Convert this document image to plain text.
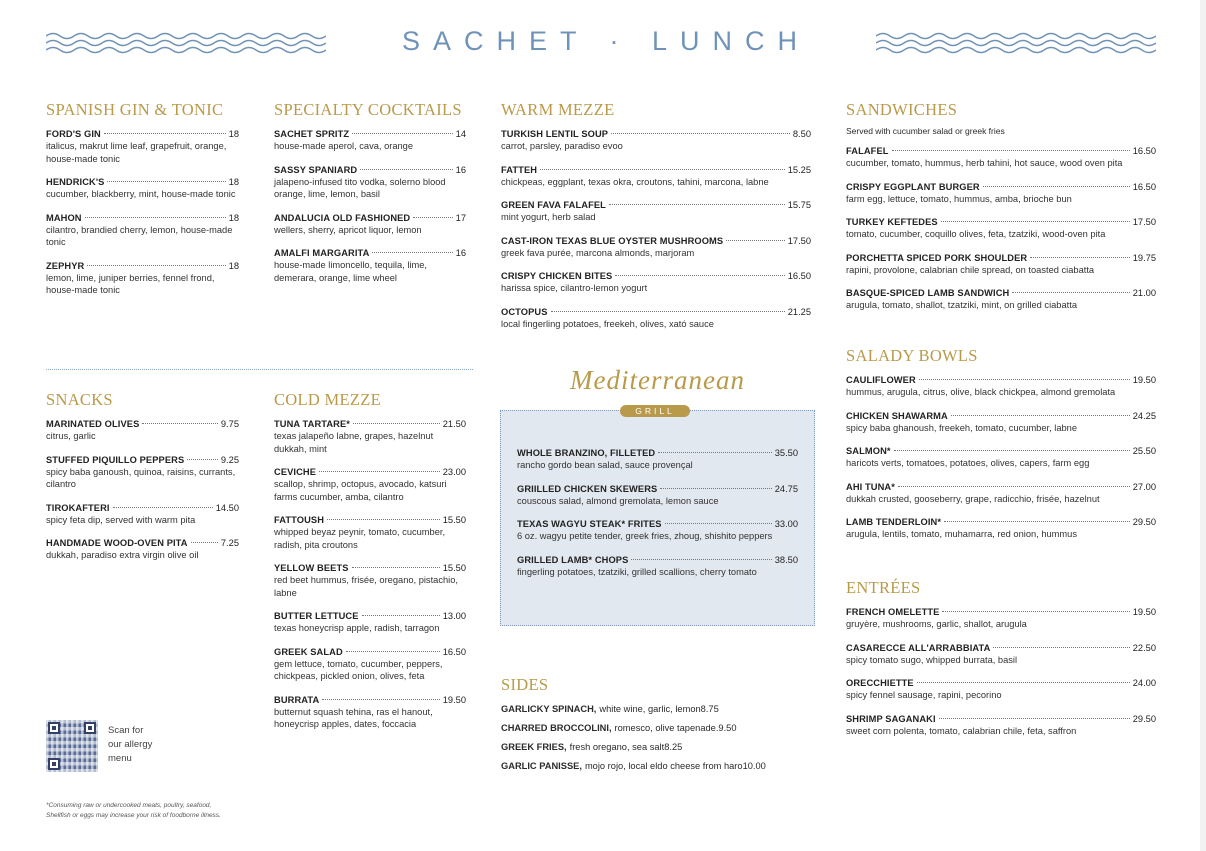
SACHET · LUNCH
SPANISH GIN & TONIC
FORD'S GIN	18
italicus, makrut lime leaf, grapefruit, orange, house-made tonic
HENDRICK'S	18
cucumber, blackberry, mint, house-made tonic
MAHON	18
cilantro, brandied cherry, lemon, house-made tonic
ZEPHYR	18
lemon, lime, juniper berries, fennel frond, house-made tonic
SNACKS
MARINATED OLIVES	9.75
citrus, garlic
STUFFED PIQUILLO PEPPERS	9.25
spicy baba ganoush, quinoa, raisins, currants, cilantro
TIROKAFTERI	14.50
spicy feta dip, served with warm pita
HANDMADE WOOD-OVEN PITA	7.25
dukkah, paradiso extra virgin olive oil
Scan for
our allergy
menu
*Consuming raw or undercooked meats, poultry, seafood, Shellfish or eggs may increase your risk of foodborne illness.
SPECIALTY COCKTAILS
SACHET SPRITZ	14
house-made aperol, cava, orange
SASSY SPANIARD	16
jalapeno-infused tito vodka, solerno blood orange, lime, lemon, basil
ANDALUCIA OLD FASHIONED	17
wellers, sherry, apricot liquor, lemon
AMALFI MARGARITA	16
house-made limoncello, tequila, lime, demerara, orange, lime wheel
COLD MEZZE
TUNA TARTARE*	21.50
texas jalapeño labne, grapes, hazelnut dukkah, mint
CEVICHE	23.00
scallop, shrimp, octopus, avocado, katsuri farms cucumber, amba, cilantro
FATTOUSH	15.50
whipped beyaz peynir, tomato, cucumber, radish, pita croutons
YELLOW BEETS	15.50
red beet hummus, frisée, oregano, pistachio, labne
BUTTER LETTUCE	13.00
texas honeycrisp apple, radish, tarragon
GREEK SALAD	16.50
gem lettuce, tomato, cucumber, peppers, chickpeas, pickled onion, olives, feta
BURRATA	19.50
butternut squash tehina, ras el hanout, honeycrisp apples, dates, foccacia
WARM MEZZE
TURKISH LENTIL SOUP	8.50
carrot, parsley, paradiso evoo
FATTEH	15.25
chickpeas, eggplant, texas okra, croutons, tahini, marcona, labne
GREEN FAVA FALAFEL	15.75
mint yogurt, herb salad
CAST-IRON TEXAS BLUE OYSTER MUSHROOMS	17.50
greek fava purée, marcona almonds, marjoram
CRISPY CHICKEN BITES	16.50
harissa spice, cilantro-lemon yogurt
OCTOPUS	21.25
local fingerling potatoes, freekeh, olives, xató sauce
Mediterranean
WHOLE BRANZINO, FILLETED	35.50
rancho gordo bean salad, sauce provençal
GRIILLED CHICKEN SKEWERS	24.75
couscous salad, almond gremolata, lemon sauce
TEXAS WAGYU STEAK* FRITES	33.00
6 oz. wagyu petite tender, greek fries, zhoug, shishito peppers
GRILLED LAMB* CHOPS	38.50
fingerling potatoes, tzatziki, grilled scallions, cherry tomato
GRILL
SIDES
GARLICKY SPINACH, white wine, garlic, lemon 8.75
CHARRED BROCCOLINI, romesco, olive tapenade. 9.50
GREEK FRIES, fresh oregano, sea salt 8.25
GARLIC PANISSE, mojo rojo, local eldo cheese from haro 10.00
SANDWICHES
Served with cucumber salad or greek fries
FALAFEL	16.50
cucumber, tomato, hummus, herb tahini, hot sauce, wood oven pita
CRISPY EGGPLANT BURGER	16.50
farm egg, lettuce, tomato, hummus, amba, brioche bun
TURKEY KEFTEDES	17.50
tomato, cucumber, coquillo olives, feta, tzatziki, wood-oven pita
PORCHETTA SPICED PORK SHOULDER	19.75
rapini, provolone, calabrian chile spread, on toasted ciabatta
BASQUE-SPICED LAMB SANDWICH	21.00
arugula, tomato, shallot, tzatziki, mint, on grilled ciabatta
SALADY BOWLS
CAULIFLOWER	19.50
hummus, arugula, citrus, olive, black chickpea, almond gremolata
CHICKEN SHAWARMA	24.25
spicy baba ghanoush, freekeh, tomato, cucumber, labne
SALMON*	25.50
haricots verts, tomatoes, potatoes, olives, capers, farm egg
AHI TUNA*	27.00
dukkah crusted, gooseberry, grape, radicchio, frisée, hazelnut
LAMB TENDERLOIN*	29.50
arugula, lentils, tomato, muhamarra, red onion, hummus
ENTRÉES
FRENCH OMELETTE	19.50
gruyère, mushrooms, garlic, shallot, arugula
CASARECCE ALL'ARRABBIATA	22.50
spicy tomato sugo, whipped burrata, basil
ORECCHIETTE	24.00
spicy fennel sausage, rapini, pecorino
SHRIMP SAGANAKI	29.50
sweet corn polenta, tomato, calabrian chile, feta, saffron
